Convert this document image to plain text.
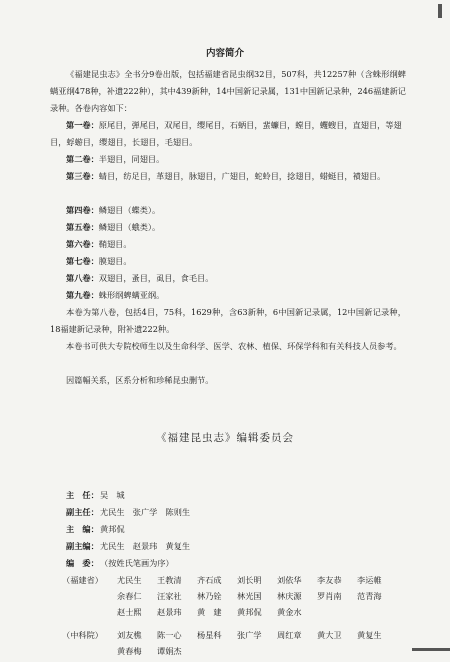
内容简介
《福建昆虫志》全书分9卷出版，包括福建省昆虫纲32目，507科，共12257种（含蛛形纲蜱螨亚纲478种，补遗222种），其中439新种，14中国新记录属，131中国新记录种，246福建新记录种。各卷内容如下：
第一卷：原尾目，弹尾目，双尾目，缨尾目，石蛃目，蜚蠊目，螳目，蠼螋目，直翅目，等翅目，蜉蝣目，缨翅目，长翅目，毛翅目。
第二卷：半翅目，同翅目。
第三卷：蜻目，纺足目，革翅目，脉翅目，广翅目，蛇蛉目，捻翅目，蜡蜓目，襀翅目。
第四卷：鳞翅目（蝶类）。
第五卷：鳞翅目（蛾类）。
第六卷：鞘翅目。
第七卷：膜翅目。
第八卷：双翅目，蚤目，虱目，食毛目。
第九卷：蛛形纲蜱螨亚纲。
本卷为第八卷，包括4目，75科，1629种，含63新种，6中国新记录属，12中国新记录种，18福建新记录种，附补遗222种。
本卷书可供大专院校师生以及生命科学、医学、农林、植保、环保学科和有关科技人员参考。
因篇幅关系，区系分析和珍稀昆虫删节。
《福建昆虫志》编辑委员会
主　任： 吴　城
副主任： 尤民生　张广学　陈则生
主　编： 黄邦侃
副主编： 尤民生　赵景玮　黄复生
编　委： （按姓氏笔画为序）
（福建省） 尤民生 王教清 齐石成 刘长明 刘依华 李友恭 李运帷余春仁 汪家社 林乃铨 林光国 林庆源 罗肖南 范青海赵士熙 赵景玮 黄　建 黄邦侃 黄金水
（中科院） 刘友樵 陈一心 杨星科 张广学 周红章 黄大卫 黄复生黄春梅 谭娟杰
